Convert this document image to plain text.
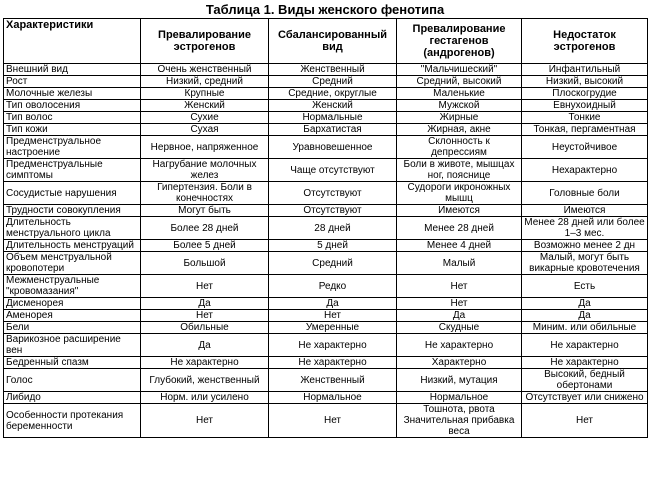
Таблица 1. Виды женского фенотипа
Характеристики	Превалирование эстрогенов	Сбалансированный вид	Превалирование гестагенов (андрогенов)	Недостаток эстрогенов
Внешний вид	Очень женственный	Женственный	"Мальчишеский"	Инфантильный
Рост	Низкий, средний	Средний	Средний, высокий	Низкий, высокий
Молочные железы	Крупные	Средние, округлые	Маленькие	Плоскогрудие
Тип оволосения	Женский	Женский	Мужской	Евнухоидный
Тип волос	Сухие	Нормальные	Жирные	Тонкие
Тип кожи	Сухая	Бархатистая	Жирная, акне	Тонкая, пергаментная
Предменструальное настроение	Нервное, напряженное	Уравновешенное	Склонность к депрессиям	Неустойчивое
Предменструальные симптомы	Нагрубание молочных желез	Чаще отсутствуют	Боли в животе, мышцах ног, пояснице	Нехарактерно
Сосудистые нарушения	Гипертензия. Боли в конечностях	Отсутствуют	Судороги икроножных мышц	Головные боли
Трудности совокупления	Могут быть	Отсутствуют	Имеются	Имеются
Длительность менструального цикла	Более 28 дней	28 дней	Менее 28 дней	Менее 28 дней или более 1–3 мес.
Длительность менструаций	Более 5 дней	5 дней	Менее 4 дней	Возможно менее 2 дн
Объем менструальной кровопотери	Большой	Средний	Малый	Малый, могут быть викарные кровотечения
Межменструальные "кровомазания"	Нет	Редко	Нет	Есть
Дисменорея	Да	Да	Нет	Да
Аменорея	Нет	Нет	Да	Да
Бели	Обильные	Умеренные	Скудные	Миним. или обильные
Варикозное расширение вен	Да	Не характерно	Не характерно	Не характерно
Бедренный спазм	Не характерно	Не характерно	Характерно	Не характерно
Голос	Глубокий, женственный	Женственный	Низкий, мутация	Высокий, бедный обертонами
Либидо	Норм. или усилено	Нормальное	Нормальное	Отсутствует или снижено
Особенности протекания беременности	Нет	Нет	Тошнота, рвота Значительная прибавка веса	Нет
